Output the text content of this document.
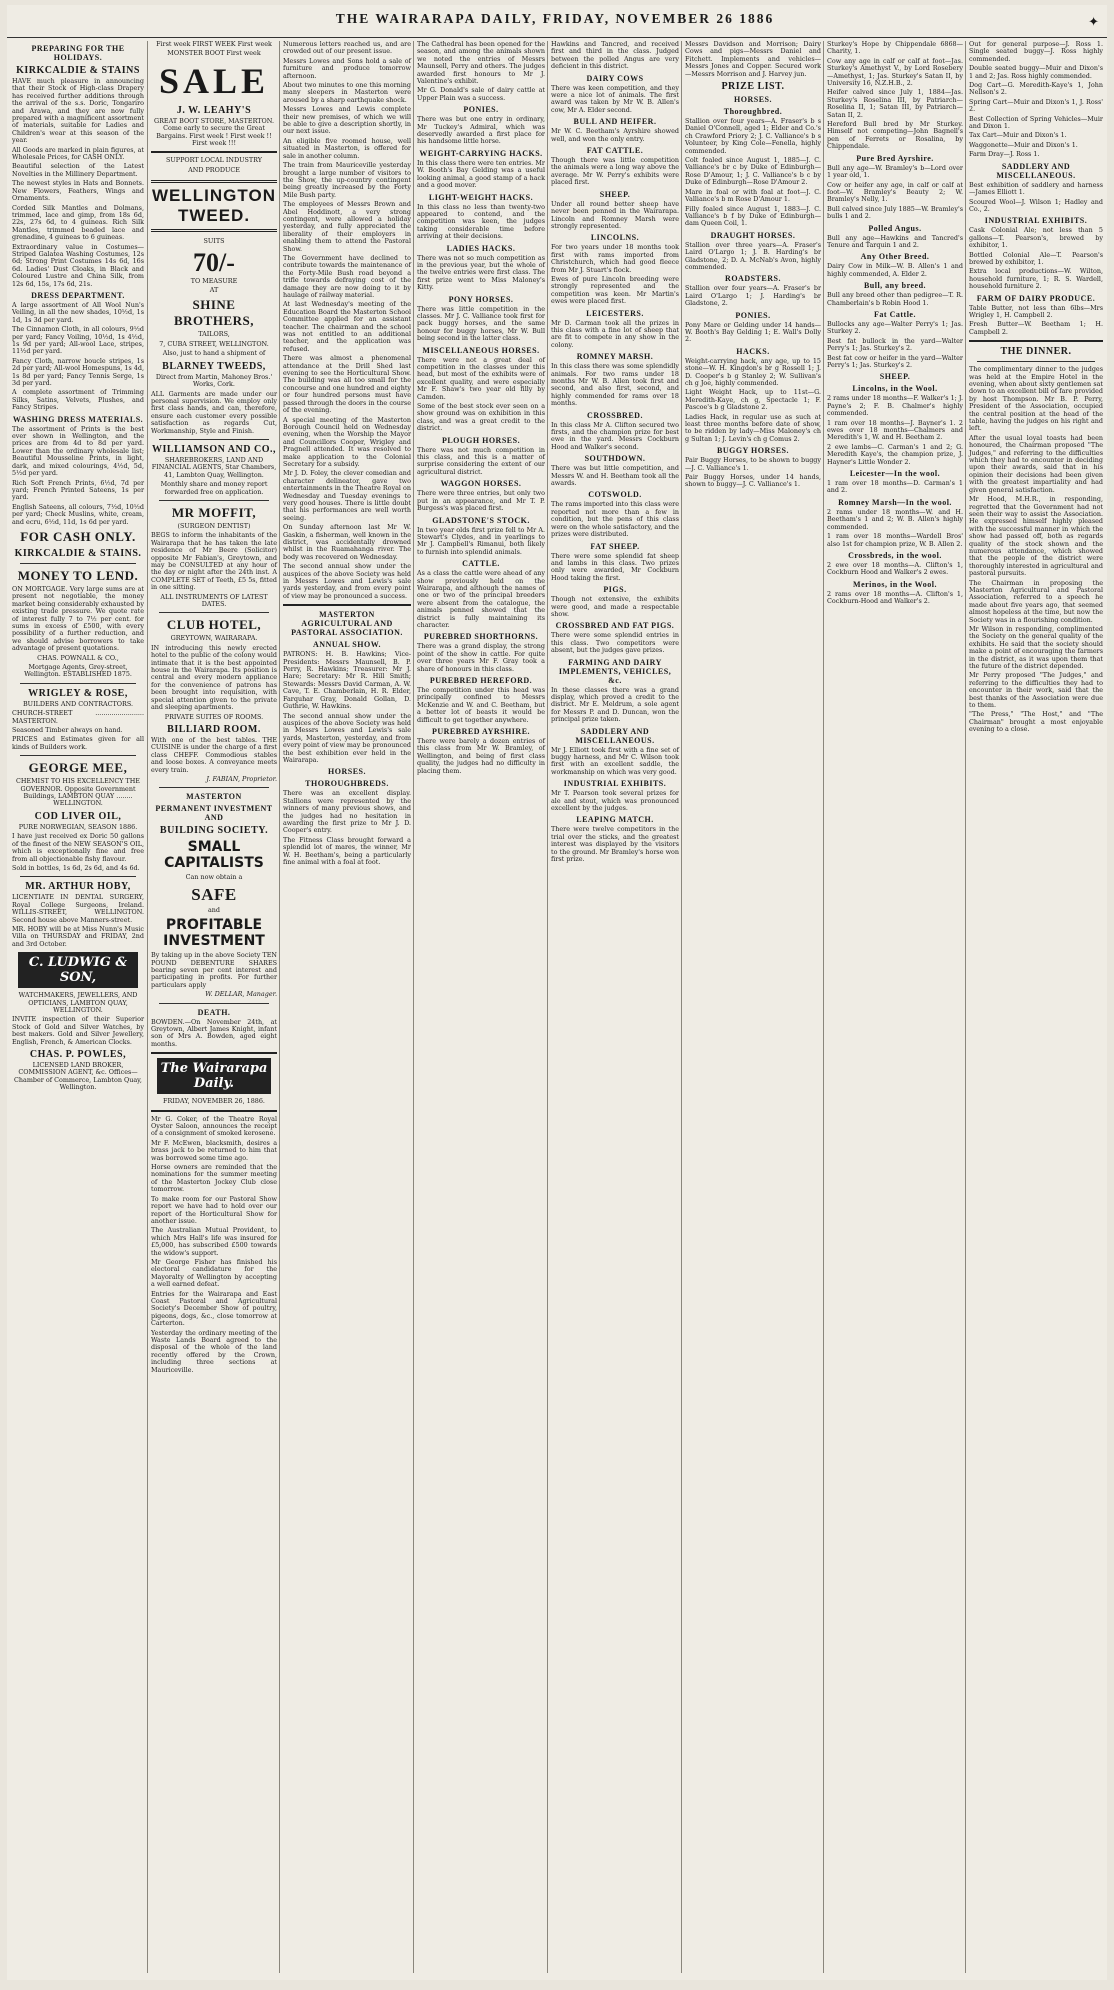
THE WAIRARAPA DAILY, FRIDAY, NOVEMBER 26 1886	✦
PREPARING FOR THE HOLIDAYS.
KIRKCALDIE & STAINS

HAVE much pleasure in announcing that their Stock of High-class Drapery has received further additions through the arrival of the s.s. Doric, Tongariro and Arawa, and they are now fully prepared with a magnificent assortment of materials, suitable for Ladies and Children's wear at this season of the year.

All Goods are marked in plain figures, at Wholesale Prices, for CASH ONLY.

Beautiful selection of the Latest Novelties in the Millinery Department.

The newest styles in Hats and Bonnets. New Flowers, Feathers, Wings and Ornaments.

Corded Silk Mantles and Dolmans, trimmed, lace and gimp, from 18s 6d, 22s, 27s 6d, to 4 guineas. Rich Silk Mantles, trimmed beaded lace and grenadine, 4 guineas to 6 guineas.

Extraordinary value in Costumes—Striped Galatea Washing Costumes, 12s 6d; Strong Print Costumes 14s 6d, 16s 6d. Ladies' Dust Cloaks, in Black and Coloured Lustre and China Silk, from 12s 6d, 15s, 17s 6d, 21s.

DRESS DEPARTMENT.

A large assortment of All Wool Nun's Veiling, in all the new shades, 10½d, 1s 1d, 1s 3d per yard.

The Cinnamon Cloth, in all colours, 9½d per yard; Fancy Voiling, 10½d, 1s 4½d, 1s 9d per yard; All-wool Lace, stripes, 11½d per yard.

Fancy Cloth, narrow boucle stripes, 1s 2d per yard; All-wool Homespuns, 1s 4d, 1s 8d per yard; Fancy Tennis Serge, 1s 3d per yard.

A complete assortment of Trimming Silks, Satins, Velvets, Plushes, and Fancy Stripes.

WASHING DRESS MATERIALS.

The assortment of Prints is the best ever shown in Wellington, and the prices are from 4d to 8d per yard. Lower than the ordinary wholesale list; Beautiful Mousseline Prints, in light, dark, and mixed colourings, 4½d, 5d, 5½d per yard.

Rich Soft French Prints, 6½d, 7d per yard; French Printed Sateens, 1s per yard.

English Sateens, all colours, 7½d, 10½d per yard; Check Muslins, white, cream, and ecru, 6½d, 11d, 1s 6d per yard.

FOR CASH ONLY.
KIRKCALDIE & STAINS.
MONEY TO LEND.

ON MORTGAGE. Very large sums are at present not negotiable, the money market being considerably exhausted by existing trade pressure. We quote rate of interest fully 7 to 7½ per cent. for sums in excess of £500, with every possibility of a further reduction, and we should advise borrowers to take advantage of present quotations.

CHAS. POWNALL & CO.,

Mortgage Agents, Grey-street, Wellington. ESTABLISHED 1875.

WRIGLEY & ROSE,

BUILDERS AND CONTRACTORS.

CHURCH-STREET ........................ MASTERTON.

Seasoned Timber always on hand.

PRICES and Estimates given for all kinds of Builders work.

GEORGE MEE,

CHEMIST TO HIS EXCELLENCY THE GOVERNOR. Opposite Government Buildings, LAMBTON QUAY ........ WELLINGTON.

COD LIVER OIL,

PURE NORWEGIAN, SEASON 1886.

I have just received ex Doric 50 gallons of the finest of the NEW SEASON'S OIL, which is exceptionally fine and free from all objectionable fishy flavour.

Sold in bottles, 1s 6d, 2s 6d, and 4s 6d.

MR. ARTHUR HOBY,

LICENTIATE IN DENTAL SURGERY, Royal College Surgeons, Ireland. WILLIS-STREET, WELLINGTON. Second house above Manners-street.

MR. HOBY will be at Miss Nunn's Music Villa on THURSDAY and FRIDAY, 2nd and 3rd October.

C. LUDWIG & SON,

WATCHMAKERS, JEWELLERS, AND OPTICIANS, LAMBTON QUAY, WELLINGTON.

INVITE inspection of their Superior Stock of Gold and Silver Watches, by best makers. Gold and Silver Jewellery, English, French, & American Clocks.

CHAS. P. POWLES,

LICENSED LAND BROKER, COMMISSION AGENT, &c. Offices—Chamber of Commerce, Lambton Quay, Wellington.

First week FIRST WEEK First week

MONSTER BOOT First week

SALE
J. W. LEAHY'S

GREAT BOOT STORE, MASTERTON. Come early to secure the Great Bargains. First week ! First week !! First week !!!

SUPPORT LOCAL INDUSTRY

AND PRODUCE

WELLINGTON TWEED.

SUITS

70/-

TO MEASURE

AT

SHINE BROTHERS,

TAILORS,

7, CUBA STREET, WELLINGTON.

Also, just to hand a shipment of

BLARNEY TWEEDS,

Direct from Martin, Mahoney Bros.' Works, Cork.

ALL Garments are made under our personal supervision. We employ only first class hands, and can, therefore, ensure each customer every possible satisfaction as regards Cut, Workmanship, Style and Finish.

WILLIAMSON AND CO.,

SHAREBROKERS, LAND AND FINANCIAL AGENTS, Star Chambers, 41, Lambton Quay, Wellington.

Monthly share and money report forwarded free on application.

MR MOFFIT,

(SURGEON DENTIST)

BEGS to inform the inhabitants of the Wairarapa that he has taken the late residence of Mr Beere (Solicitor) opposite Mr Fabian's, Greytown, and may be CONSULTED at any hour of the day or night after the 24th inst. A COMPLETE SET of Teeth, £5 5s, fitted in one sitting.

ALL INSTRUMENTS OF LATEST DATES.

CLUB HOTEL,

GREYTOWN, WAIRARAPA.

IN introducing this newly erected hotel to the public of the colony would intimate that it is the best appointed house in the Wairarapa. Its position is central and every modern appliance for the convenience of patrons has been brought into requisition, with special attention given to the private and sleeping apartments.

PRIVATE SUITES OF ROOMS.

BILLIARD ROOM.

With one of the best tables. THE CUISINE is under the charge of a first class CHEFF. Commodious stables and loose boxes. A conveyance meets every train.

J. FABIAN, Proprietor.

MASTERTON
PERMANENT INVESTMENT AND
BUILDING SOCIETY.
SMALL CAPITALISTS

Can now obtain a

SAFE

and

PROFITABLE INVESTMENT

By taking up in the above Society TEN POUND DEBENTURE SHARES bearing seven per cent interest and participating in profits. For further particulars apply

W. DELLAR, Manager.

DEATH.

BOWDEN.—On November 24th, at Greytown, Albert James Knight, infant son of Mrs A. Bowden, aged eight months.

The Wairarapa Daily.

FRIDAY, NOVEMBER 26, 1886.

Mr G. Coker, of the Theatre Royal Oyster Saloon, announces the receipt of a consignment of smoked kerosene.

Mr F. McEwen, blacksmith, desires a brass jack to be returned to him that was borrowed some time ago.

Horse owners are reminded that the nominations for the summer meeting of the Masterton Jockey Club close tomorrow.

To make room for our Pastoral Show report we have had to hold over our report of the Horticultural Show for another issue.

The Australian Mutual Provident, to which Mrs Hall's life was insured for £5,000, has subscribed £500 towards the widow's support.

Mr George Fisher has finished his electoral candidature for the Mayoralty of Wellington by accepting a well earned defeat.

Entries for the Wairarapa and East Coast Pastoral and Agricultural Society's December Show of poultry, pigeons, dogs, &c., close tomorrow at Carterton.

Yesterday the ordinary meeting of the Waste Lands Board agreed to the disposal of the whole of the land recently offered by the Crown, including three sections at Mauriceville.

Numerous letters reached us, and are crowded out of our present issue.

Messrs Lowes and Sons hold a sale of furniture and produce tomorrow afternoon.

About two minutes to one this morning many sleepers in Masterton were aroused by a sharp earthquake shock.

Messrs Lowes and Lewis complete their new premises, of which we will be able to give a description shortly, in our next issue.

An eligible five roomed house, well situated in Masterton, is offered for sale in another column.

The train from Mauriceville yesterday brought a large number of visitors to the Show, the up-country contingent being greatly increased by the Forty Mile Bush party.

The employees of Messrs Brown and Abel Hoddinott, a very strong contingent, were allowed a holiday yesterday, and fully appreciated the liberality of their employers in enabling them to attend the Pastoral Show.

The Government have declined to contribute towards the maintenance of the Forty-Mile Bush road beyond a trifle towards defraying cost of the damage they are now doing to it by haulage of railway material.

At last Wednesday's meeting of the Education Board the Masterton School Committee applied for an assistant teacher. The chairman and the school was not entitled to an additional teacher, and the application was refused.

There was almost a phenomenal attendance at the Drill Shed last evening to see the Horticultural Show. The building was all too small for the concourse and one hundred and eighty or four hundred persons must have passed through the doors in the course of the evening.

A special meeting of the Masterton Borough Council held on Wednesday evening, when the Worship the Mayor and Councillors Cooper, Wrigley and Pragnell attended. It was resolved to make application to the Colonial Secretary for a subsidy.

Mr J. D. Foley, the clever comedian and character delineator, gave two entertainments in the Theatre Royal on Wednesday and Tuesday evenings to very good houses. There is little doubt that his performances are well worth seeing.

On Sunday afternoon last Mr W. Gaskin, a fisherman, well known in the district, was accidentally drowned whilst in the Ruamahanga river. The body was recovered on Wednesday.

The second annual show under the auspices of the above Society was held in Messrs Lowes and Lewis's sale yards yesterday, and from every point of view may be pronounced a success.

MASTERTON AGRICULTURAL AND PASTORAL ASSOCIATION.
ANNUAL SHOW.

PATRONS: H. B. Hawkins; Vice-Presidents: Messrs Maunsell, B. P. Perry, R. Hawkins; Treasurer: Mr J. Hare; Secretary: Mr R. Hill Smith; Stewards: Messrs David Carman, A. W. Cave, T. E. Chamberlain, H. R. Elder, Farquhar Gray, Donald Gollan, D. Guthrie, W. Hawkins.

The second annual show under the auspices of the above Society was held in Messrs Lowes and Lewis's sale yards, Masterton, yesterday, and from every point of view may be pronounced the best exhibition ever held in the Wairarapa.

HORSES.
THOROUGHBREDS.

There was an excellent display. Stallions were represented by the winners of many previous shows, and the judges had no hesitation in awarding the first prize to Mr J. D. Cooper's entry.

The Fitness Class brought forward a splendid lot of mares, the winner, Mr W. H. Beetham's, being a particularly fine animal with a foal at foot.

The Cathedral has been opened for the season, and among the animals shown we noted the entries of Messrs Maunsell, Perry and others. The judges awarded first honours to Mr J. Valentine's exhibit.

Mr G. Donald's sale of dairy cattle at Upper Plain was a success.

PONIES.

There was but one entry in ordinary, Mr Tuckey's Admiral, which was deservedly awarded a first place for his handsome little horse.

WEIGHT-CARRYING HACKS.

In this class there were ten entries. Mr W. Booth's Bay Gelding was a useful looking animal, a good stamp of a hack and a good mover.

LIGHT-WEIGHT HACKS.

In this class no less than twenty-two appeared to contend, and the competition was keen, the judges taking considerable time before arriving at their decisions.

LADIES HACKS.

There was not so much competition as in the previous year, but the whole of the twelve entries were first class. The first prize went to Miss Maloney's Kitty.

PONY HORSES.

There was little competition in the classes. Mr J. C. Valliance took first for pack buggy horses, and the same honour for buggy horses, Mr W. Bull being second in the latter class.

MISCELLANEOUS HORSES.

There were not a great deal of competition in the classes under this head, but most of the exhibits were of excellent quality, and were especially Mr F. Shaw's two year old filly by Camden.

Some of the best stock ever seen on a show ground was on exhibition in this class, and was a great credit to the district.

PLOUGH HORSES.

There was not much competition in this class, and this is a matter of surprise considering the extent of our agricultural district.

WAGGON HORSES.

There were three entries, but only two put in an appearance, and Mr T. P. Burgess's was placed first.

GLADSTONE'S STOCK.

In two year olds first prize fell to Mr A. Stewart's Clydes, and in yearlings to Mr J. Campbell's Rimanui, both likely to furnish into splendid animals.

CATTLE.

As a class the cattle were ahead of any show previously held on the Wairarapa, and although the names of one or two of the principal breeders were absent from the catalogue, the animals penned showed that the district is fully maintaining its character.

PUREBRED SHORTHORNS.

There was a grand display, the strong point of the show in cattle. For quite over three years Mr F. Gray took a share of honours in this class.

PUREBRED HEREFORD.

The competition under this head was principally confined to Messrs McKenzie and W. and C. Beetham, but a better lot of beasts it would be difficult to get together anywhere.

PUREBRED AYRSHIRE.

There were barely a dozen entries of this class from Mr W. Bramley, of Wellington, and being of first class quality, the judges had no difficulty in placing them.

Hawkins and Tancred, and received first and third in the class. Judged between the polled Angus are very deficient in this district.

DAIRY COWS

There was keen competition, and they were a nice lot of animals. The first award was taken by Mr W. B. Allen's cow, Mr A. Elder second.

BULL AND HEIFER.

Mr W. C. Beetham's Ayrshire showed well, and won the only entry.

FAT CATTLE.

Though there was little competition the animals were a long way above the average. Mr W. Perry's exhibits were placed first.

SHEEP.

Under all round better sheep have never been penned in the Wairarapa. Lincoln and Romney Marsh were strongly represented.

LINCOLNS.

For two years under 18 months took first with rams imported from Christchurch, which had good fleece from Mr J. Stuart's flock.

Ewes of pure Lincoln breeding were strongly represented and the competition was keen. Mr Martin's ewes were placed first.

LEICESTERS.

Mr D. Carman took all the prizes in this class with a fine lot of sheep that are fit to compete in any show in the colony.

ROMNEY MARSH.

In this class there was some splendidly animals. For two rams under 18 months Mr W. B. Allen took first and second, and also first, second, and highly commended for rams over 18 months.

CROSSBRED.

In this class Mr A. Clifton secured two firsts, and the champion prize for best ewe in the yard. Messrs Cockburn Hood and Walker's second.

SOUTHDOWN.

There was but little competition, and Messrs W. and H. Beetham took all the awards.

COTSWOLD.

The rams imported into this class were reported not more than a few in condition, but the pens of this class were on the whole satisfactory, and the prizes were distributed.

FAT SHEEP.

There were some splendid fat sheep and lambs in this class. Two prizes only were awarded, Mr Cockburn Hood taking the first.

PIGS.

Though not extensive, the exhibits were good, and made a respectable show.

CROSSBRED AND FAT PIGS.

There were some splendid entries in this class. Two competitors were absent, but the judges gave prizes.

FARMING AND DAIRY IMPLEMENTS, VEHICLES, &c.

In these classes there was a grand display, which proved a credit to the district. Mr E. Meldrum, a sole agent for Messrs P. and D. Duncan, won the principal prize taken.

SADDLERY AND MISCELLANEOUS.

Mr J. Elliott took first with a fine set of buggy harness, and Mr C. Wilson took first with an excellent saddle, the workmanship on which was very good.

INDUSTRIAL EXHIBITS.

Mr T. Pearson took several prizes for ale and stout, which was pronounced excellent by the judges.

LEAPING MATCH.

There were twelve competitors in the trial over the sticks, and the greatest interest was displayed by the visitors to the ground. Mr Bramley's horse won first prize.

Messrs Davidson and Morrison; Dairy Cows and pigs—Messrs Daniel and Fitchett. Implements and vehicles—Messrs Jones and Copper. Secured work—Messrs Morrison and J. Harvey jun.

PRIZE LIST.
HORSES.
Thoroughbred.

Stallion over four years—A. Fraser's b s Daniel O'Connell, aged 1; Elder and Co.'s ch Crawford Priory 2; J. C. Valliance's b s Volunteer, by King Cole—Fenella, highly commended.

Colt foaled since August 1, 1885—J. C. Valliance's br c by Duke of Edinburgh—Rose D'Amour, 1; J. C. Valliance's b c by Duke of Edinburgh—Rose D'Amour 2.

Mare in foal or with foal at foot—J. C. Valliance's b m Rose D'Amour 1.

Filly foaled since August 1, 1883—J. C. Valliance's b f by Duke of Edinburgh—dam Queen Coil, 1.

DRAUGHT HORSES.

Stallion over three years—A. Fraser's Laird O'Largo 1; J. B. Harding's br Gladstone, 2; D. A. McNab's Avon, highly commended.

ROADSTERS.

Stallion over four years—A. Fraser's br Laird O'Largo 1; J. Harding's br Gladstone, 2.

PONIES.

Pony Mare or Gelding under 14 hands—W. Booth's Bay Gelding 1; E. Wall's Dolly 2.

HACKS.

Weight-carrying hack, any age, up to 15 stone—W. H. Kingdon's br g Rossell 1; J. D. Cooper's b g Stanley 2; W. Sullivan's ch g Joe, highly commended.

Light Weight Hack, up to 11st—G. Meredith-Kaye, ch g, Spectacle 1; F. Pascoe's b g Gladstone 2.

Ladies Hack, in regular use as such at least three months before date of show, to be ridden by lady—Miss Maloney's ch g Sultan 1; J. Levin's ch g Comus 2.

BUGGY HORSES.

Pair Buggy Horses, to be shown to buggy—J. C. Valliance's 1.

Pair Buggy Horses, under 14 hands, shown to buggy—J. C. Valliance's 1.

Sturkey's Hope by Chippendale 6868—Charity, 1.

Cow any age in calf or calf at foot—Jas. Sturkey's Amethyst V., by Lord Rosebery—Amethyst, 1; Jas. Sturkey's Satan II, by University 16, N.Z.H.B., 2.

Heifer calved since July 1, 1884—Jas. Sturkey's Roselina III, by Patriarch—Roselina II, 1; Satan III, by Patriarch—Satan II, 2.

Hereford Bull bred by Mr Sturkey. Himself not competing—John Bagnell's pen of Ferrets or Rosalina, by Chippendale.

Pure Bred Ayrshire.

Bull any age—W. Bramley's b—Lord over 1 year old, 1.

Cow or heifer any age, in calf or calf at foot—W. Bramley's Beauty 2; W. Bramley's Nelly, 1.

Bull calved since July 1885—W. Bramley's bulls 1 and 2.

Polled Angus.

Bull any age—Hawkins and Tancred's Tenure and Tarquin 1 and 2.

Any Other Breed.

Dairy Cow in Milk—W. B. Allen's 1 and highly commended, A. Elder 2.

Bull, any breed.

Bull any breed other than pedigree—T. R. Chamberlain's b Robin Hood 1.

Fat Cattle.

Bullocks any age—Walter Perry's 1; Jas. Sturkey 2.

Best fat bullock in the yard—Walter Perry's 1; Jas. Sturkey's 2.

Best fat cow or heifer in the yard—Walter Perry's 1; Jas. Sturkey's 2.

SHEEP.
Lincolns, in the Wool.

2 rams under 18 months—F. Walker's 1; J. Payne's 2; F. B. Chalmer's highly commended.

1 ram over 18 months—J. Bayner's 1. 2 ewes over 18 months—Chalmers and Meredith's 1, W. and H. Beetham 2.

2 ewe lambs—C. Carman's 1 and 2; G. Meredith Kaye's, the champion prize, J. Hayner's Little Wonder 2.

Leicester—In the wool.

1 ram over 18 months—D. Carman's 1 and 2.

Romney Marsh—In the wool.

2 rams under 18 months—W. and H. Beetham's 1 and 2; W. B. Allen's highly commended.

1 ram over 18 months—Wardell Bros' also 1st for champion prize, W. B. Allen 2.

Crossbreds, in the wool.

2 ewe over 18 months—A. Clifton's 1, Cockburn Hood and Walker's 2 ewes.

Merinos, in the Wool.

2 rams over 18 months—A. Clifton's 1, Cockburn-Hood and Walker's 2.

Out for general purpose—J. Ross 1. Single seated buggy—J. Ross highly commended.

Double seated buggy—Muir and Dixon's 1 and 2; Jas. Ross highly commended.

Dog Cart—G. Meredith-Kaye's 1, John Nellson's 2.

Spring Cart—Muir and Dixon's 1, J. Ross' 2.

Best Collection of Spring Vehicles—Muir and Dixon 1.

Tax Cart—Muir and Dixon's 1.

Waggonette—Muir and Dixon's 1.

Farm Dray—J. Ross 1.

SADDLERY AND MISCELLANEOUS.

Best exhibition of saddlery and harness—James Elliott 1.

Scoured Wool—J. Wilson 1; Hadley and Co., 2.

INDUSTRIAL EXHIBITS.

Cask Colonial Ale; not less than 5 gallons—T. Pearson's, brewed by exhibitor, 1.

Bottled Colonial Ale—T. Pearson's brewed by exhibitor, 1.

Extra local productions—W. Wilton, household furniture, 1; R. S. Wardell, household furniture 2.

FARM OF DAIRY PRODUCE.

Table Butter, not less than 6lbs—Mrs Wrigley 1, H. Campbell 2.

Fresh Butter—W. Beetham 1; H. Campbell 2.

THE DINNER.

The complimentary dinner to the judges was held at the Empire Hotel in the evening, when about sixty gentlemen sat down to an excellent bill of fare provided by host Thompson. Mr B. P. Perry, President of the Association, occupied the central position at the head of the table, having the judges on his right and left.

After the usual loyal toasts had been honoured, the Chairman proposed "The Judges," and referring to the difficulties which they had to encounter in deciding upon their awards, said that in his opinion their decisions had been given with the greatest impartiality and had given general satisfaction.

Mr Hood, M.H.R., in responding, regretted that the Government had not seen their way to assist the Association. He expressed himself highly pleased with the successful manner in which the show had passed off, both as regards quality of the stock shown and the numerous attendance, which showed that the people of the district were thoroughly interested in agricultural and pastoral pursuits.

The Chairman in proposing the Masterton Agricultural and Pastoral Association, referred to a speech he made about five years ago, that seemed almost hopeless at the time, but now the Society was in a flourishing condition.

Mr Wilson in responding, complimented the Society on the general quality of the exhibits. He said that the society should make a point of encouraging the farmers in the district, as it was upon them that the future of the district depended.

Mr Perry proposed "The Judges," and referring to the difficulties they had to encounter in their work, said that the best thanks of the Association were due to them.

"The Press," "The Host," and "The Chairman" brought a most enjoyable evening to a close.
